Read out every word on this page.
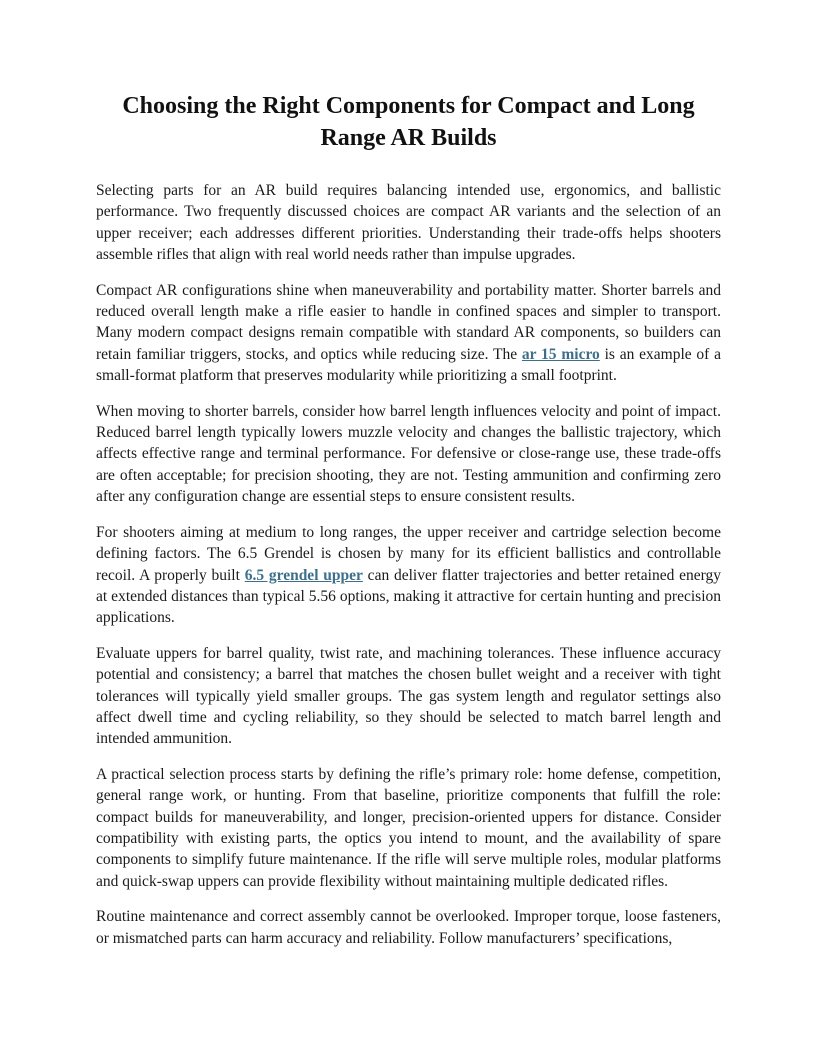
Choosing the Right Components for Compact and Long Range AR Builds

Selecting parts for an AR build requires balancing intended use, ergonomics, and ballistic performance. Two frequently discussed choices are compact AR variants and the selection of an upper receiver; each addresses different priorities. Understanding their trade-offs helps shooters assemble rifles that align with real world needs rather than impulse upgrades.

Compact AR configurations shine when maneuverability and portability matter. Shorter barrels and reduced overall length make a rifle easier to handle in confined spaces and simpler to transport. Many modern compact designs remain compatible with standard AR components, so builders can retain familiar triggers, stocks, and optics while reducing size. The ar 15 micro is an example of a small-format platform that preserves modularity while prioritizing a small footprint.

When moving to shorter barrels, consider how barrel length influences velocity and point of impact. Reduced barrel length typically lowers muzzle velocity and changes the ballistic trajectory, which affects effective range and terminal performance. For defensive or close-range use, these trade-offs are often acceptable; for precision shooting, they are not. Testing ammunition and confirming zero after any configuration change are essential steps to ensure consistent results.

For shooters aiming at medium to long ranges, the upper receiver and cartridge selection become defining factors. The 6.5 Grendel is chosen by many for its efficient ballistics and controllable recoil. A properly built 6.5 grendel upper can deliver flatter trajectories and better retained energy at extended distances than typical 5.56 options, making it attractive for certain hunting and precision applications.

Evaluate uppers for barrel quality, twist rate, and machining tolerances. These influence accuracy potential and consistency; a barrel that matches the chosen bullet weight and a receiver with tight tolerances will typically yield smaller groups. The gas system length and regulator settings also affect dwell time and cycling reliability, so they should be selected to match barrel length and intended ammunition.

A practical selection process starts by defining the rifle’s primary role: home defense, competition, general range work, or hunting. From that baseline, prioritize components that fulfill the role: compact builds for maneuverability, and longer, precision-oriented uppers for distance. Consider compatibility with existing parts, the optics you intend to mount, and the availability of spare components to simplify future maintenance. If the rifle will serve multiple roles, modular platforms and quick-swap uppers can provide flexibility without maintaining multiple dedicated rifles.

Routine maintenance and correct assembly cannot be overlooked. Improper torque, loose fasteners, or mismatched parts can harm accuracy and reliability. Follow manufacturers’ specifications,
